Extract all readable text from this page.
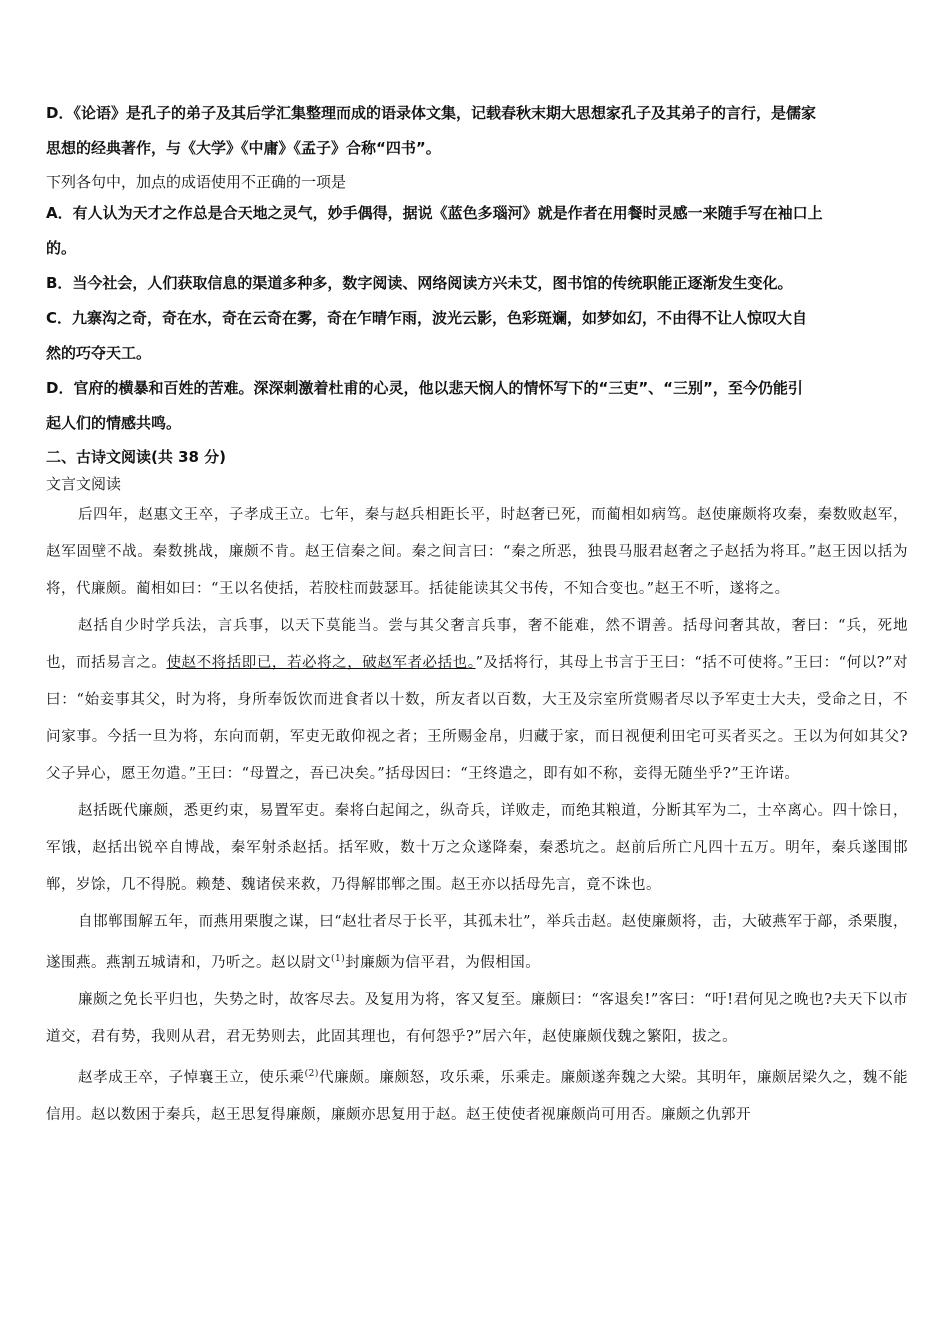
D．《论语》是孔子的弟子及其后学汇集整理而成的语录体文集，记载春秋末期大思想家孔子及其弟子的言行，是儒家

思想的经典著作，与《大学》《中庸》《孟子》合称“四书”。

下列各句中，加点的成语使用不正确的一项是

A．有人认为天才之作总是合天地之灵气，妙手偶得，据说《蓝色多瑙河》就是作者在用餐时灵感一来随手写在袖口上

的。

B．当今社会，人们获取信息的渠道多种多，数字阅读、网络阅读方兴未艾，图书馆的传统职能正逐渐发生变化。

C．九寨沟之奇，奇在水，奇在云奇在雾，奇在乍晴乍雨，波光云影，色彩斑斓，如梦如幻，不由得不让人惊叹大自

然的巧夺天工。

D．官府的横暴和百姓的苦难。深深刺激着杜甫的心灵，他以悲天悯人的情怀写下的“三吏”、“三别”，至今仍能引

起人们的情感共鸣。

二、古诗文阅读(共 38 分)

文言文阅读

后四年，赵惠文王卒，子孝成王立。七年，秦与赵兵相距长平，时赵奢已死，而蔺相如病笃。赵使廉颇将攻秦，秦数败赵军，赵军固壁不战。秦数挑战，廉颇不肯。赵王信秦之间。秦之间言曰：“秦之所恶，独畏马服君赵奢之子赵括为将耳。”赵王因以括为将，代廉颇。蔺相如曰：“王以名使括，若胶柱而鼓瑟耳。括徒能读其父书传，不知合变也。”赵王不听，遂将之。

赵括自少时学兵法，言兵事，以天下莫能当。尝与其父奢言兵事，奢不能难，然不谓善。括母问奢其故，奢曰：“兵，死地也，而括易言之。使赵不将括即已，若必将之，破赵军者必括也。”及括将行，其母上书言于王曰：“括不可使将。”王曰：“何以?”对曰：“始妾事其父，时为将，身所奉饭饮而进食者以十数，所友者以百数，大王及宗室所赏赐者尽以予军吏士大夫，受命之日，不问家事。今括一旦为将，东向而朝，军吏无敢仰视之者；王所赐金帛，归藏于家，而日视便利田宅可买者买之。王以为何如其父?父子异心，愿王勿遣。”王曰：“母置之，吾已决矣。”括母因曰：“王终遣之，即有如不称，妾得无随坐乎?”王许诺。

赵括既代廉颇，悉更约束，易置军吏。秦将白起闻之，纵奇兵，详败走，而绝其粮道，分断其军为二，士卒离心。四十馀日，军饿，赵括出锐卒自博战，秦军射杀赵括。括军败，数十万之众遂降秦，秦悉坑之。赵前后所亡凡四十五万。明年，秦兵遂围邯郸，岁馀，几不得脱。赖楚、魏诸侯来救，乃得解邯郸之围。赵王亦以括母先言，竟不诛也。

自邯郸围解五年，而燕用栗腹之谋，曰“赵壮者尽于长平，其孤未壮”，举兵击赵。赵使廉颇将，击，大破燕军于鄗，杀栗腹，遂围燕。燕割五城请和，乃听之。赵以尉文$^{(1)}$封廉颇为信平君，为假相国。

廉颇之免长平归也，失势之时，故客尽去。及复用为将，客又复至。廉颇曰：“客退矣!”客曰：“吁!君何见之晚也?夫天下以市道交，君有势，我则从君，君无势则去，此固其理也，有何怨乎?”居六年，赵使廉颇伐魏之繁阳，拔之。

赵孝成王卒，子悼襄王立，使乐乘$^{(2)}$代廉颇。廉颇怒，攻乐乘，乐乘走。廉颇遂奔魏之大梁。其明年，廉颇居梁久之，魏不能信用。赵以数困于秦兵，赵王思复得廉颇，廉颇亦思复用于赵。赵王使使者视廉颇尚可用否。廉颇之仇郭开
